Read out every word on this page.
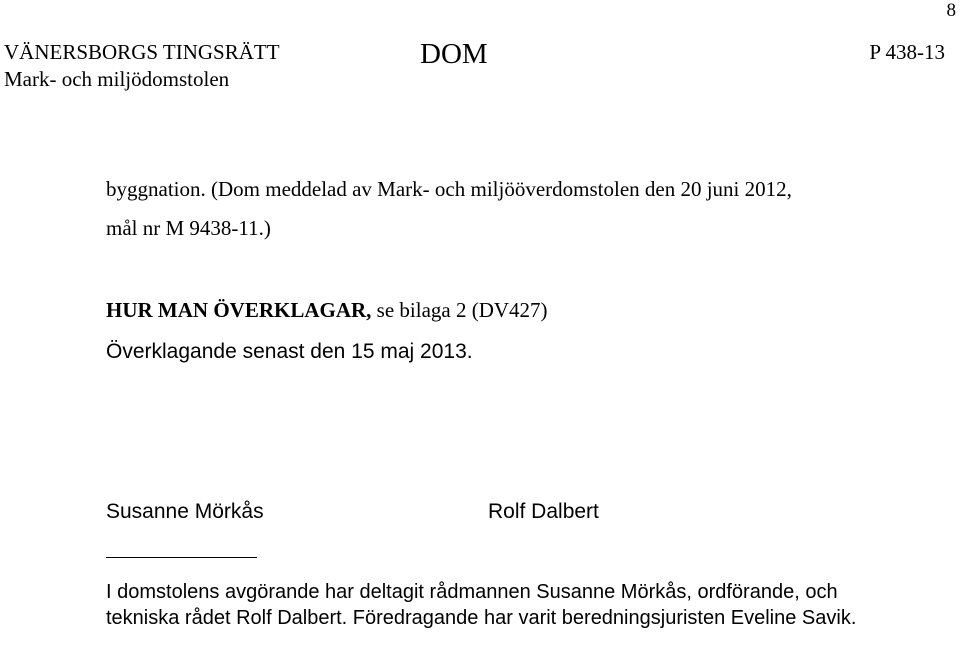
8
VÄNERSBORGS TINGSRÄTT
Mark- och miljödomstolen
DOM	P 438-13
byggnation. (Dom meddelad av Mark- och miljööverdomstolen den 20 juni 2012,
mål nr M 9438-11.)
HUR MAN ÖVERKLAGAR, se bilaga 2 (DV427)
Överklagande senast den 15 maj 2013.
Susanne Mörkås	Rolf Dalbert
I domstolens avgörande har deltagit rådmannen Susanne Mörkås, ordförande, och tekniska rådet Rolf Dalbert. Föredragande har varit beredningsjuristen Eveline Savik.
